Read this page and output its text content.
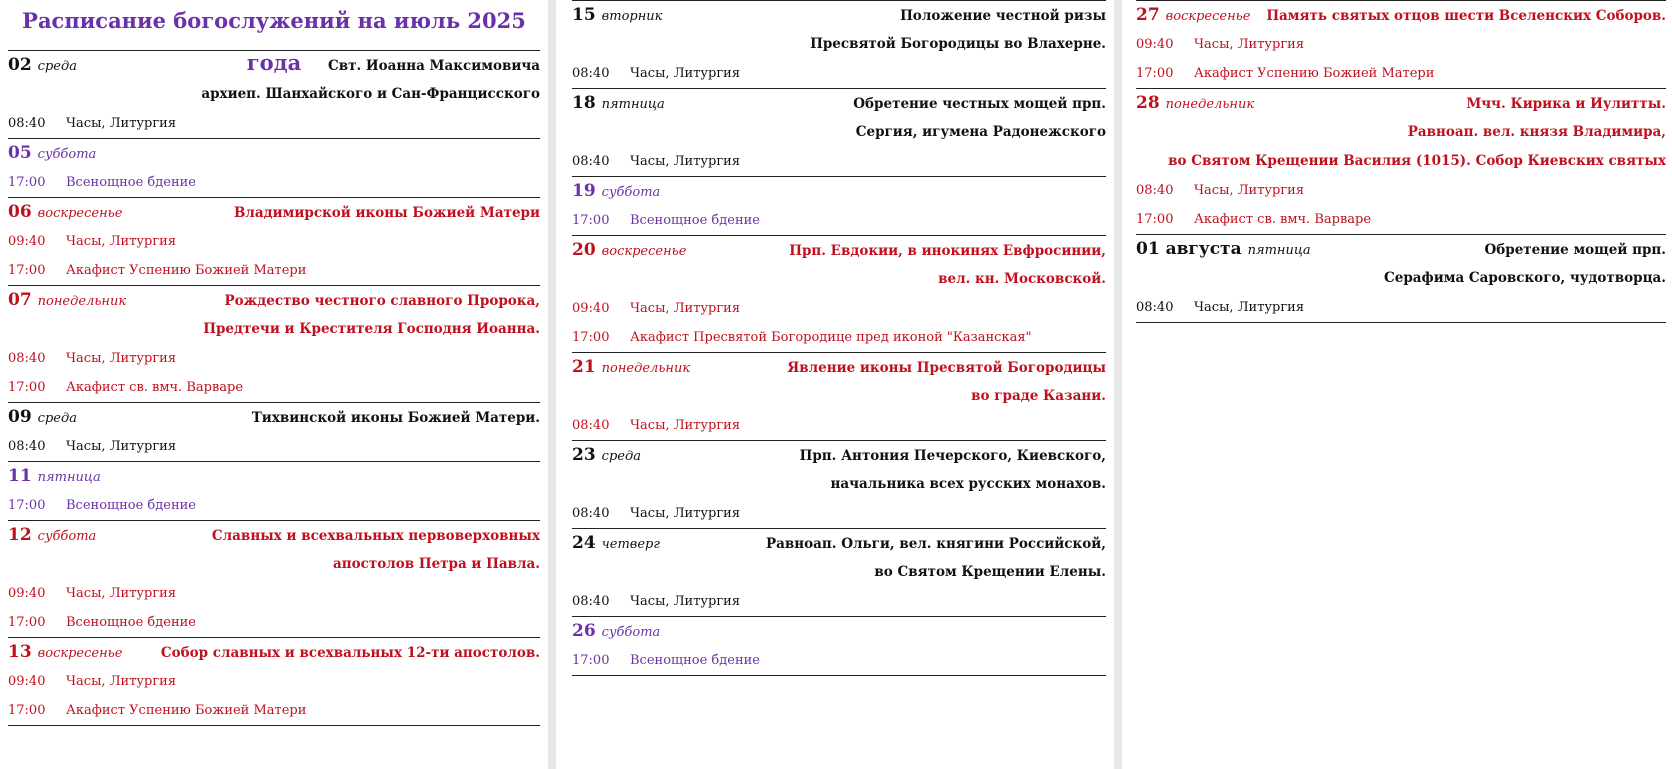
Расписание богослужений на июль 2025 года
02 среда	Свт. Иоанна Максимовича
архиеп. Шанхайского и Сан-Францисского
08:40 Часы, Литургия
05 суббота
17:00 Всенощное бдение
06 воскресенье	Владимирской иконы Божией Матери
09:40 Часы, Литургия
17:00 Акафист Успению Божией Матери
07 понедельник	Рождество честного славного Пророка,
Предтечи и Крестителя Господня Иоанна.
08:40 Часы, Литургия
17:00 Акафист св. вмч. Варваре
09 среда	Тихвинской иконы Божией Матери.
08:40 Часы, Литургия
11 пятница
17:00 Всенощное бдение
12 суббота	Славных и всехвальных первоверховных
апостолов Петра и Павла.
09:40 Часы, Литургия
17:00 Всенощное бдение
13 воскресенье	Собор славных и всехвальных 12-ти апостолов.
09:40 Часы, Литургия
17:00 Акафист Успению Божией Матери
15 вторник	Положение честной ризы
Пресвятой Богородицы во Влахерне.
08:40 Часы, Литургия
18 пятница	Обретение честных мощей прп.
Сергия, игумена Радонежского
08:40 Часы, Литургия
19 суббота
17:00 Всенощное бдение
20 воскресенье	Прп. Евдокии, в инокинях Евфросинии,
вел. кн. Московской.
09:40 Часы, Литургия
17:00 Акафист Пресвятой Богородице пред иконой "Казанская"
21 понедельник	Явление иконы Пресвятой Богородицы
во граде Казани.
08:40 Часы, Литургия
23 среда	Прп. Антония Печерского, Киевского,
начальника всех русских монахов.
08:40 Часы, Литургия
24 четверг	Равноап. Ольги, вел. княгини Российской,
во Святом Крещении Елены.
08:40 Часы, Литургия
26 суббота
17:00 Всенощное бдение
27 воскресенье	Память святых отцов шести Вселенских Соборов.
09:40 Часы, Литургия
17:00 Акафист Успению Божией Матери
28 понедельник	Мчч. Кирика и Иулитты.
Равноап. вел. князя Владимира,
во Святом Крещении Василия (1015). Собор Киевских святых
08:40 Часы, Литургия
17:00 Акафист св. вмч. Варваре
01 августа пятница	Обретение мощей прп.
Серафима Саровского, чудотворца.
08:40 Часы, Литургия
